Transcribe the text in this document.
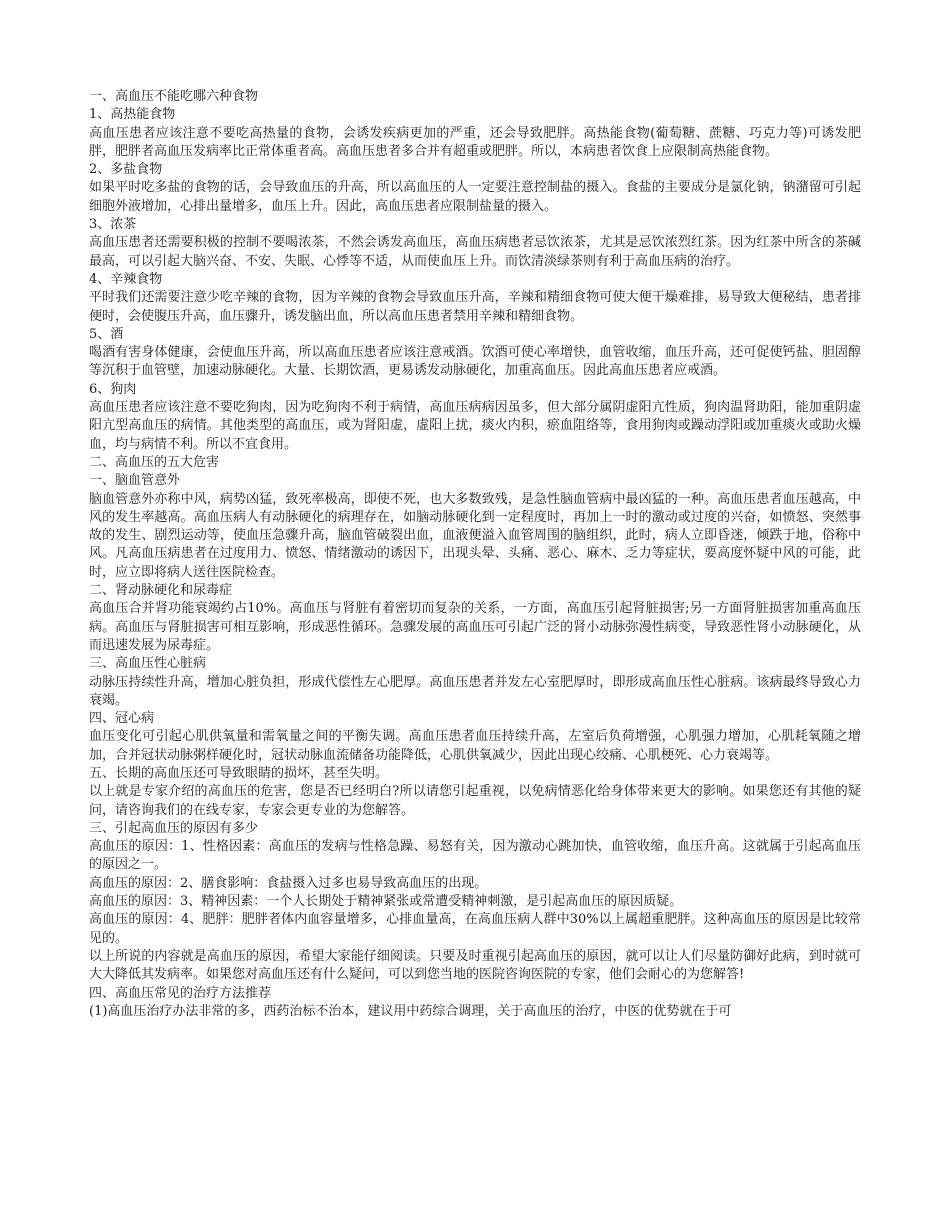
一、高血压不能吃哪六种食物

1、高热能食物

高血压患者应该注意不要吃高热量的食物，会诱发疾病更加的严重，还会导致肥胖。高热能食物(葡萄糖、蔗糖、巧克力等)可诱发肥胖，肥胖者高血压发病率比正常体重者高。高血压患者多合并有超重或肥胖。所以，本病患者饮食上应限制高热能食物。

2、多盐食物

如果平时吃多盐的食物的话，会导致血压的升高，所以高血压的人一定要注意控制盐的摄入。食盐的主要成分是氯化钠，钠潴留可引起细胞外液增加，心排出量增多，血压上升。因此，高血压患者应限制盐量的摄入。

3、浓茶

高血压患者还需要积极的控制不要喝浓茶，不然会诱发高血压，高血压病患者忌饮浓茶，尤其是忌饮浓烈红茶。因为红茶中所含的茶碱最高，可以引起大脑兴奋、不安、失眠、心悸等不适，从而使血压上升。而饮清淡绿茶则有利于高血压病的治疗。

4、辛辣食物

平时我们还需要注意少吃辛辣的食物，因为辛辣的食物会导致血压升高，辛辣和精细食物可使大便干燥难排，易导致大便秘结，患者排便时，会使腹压升高，血压骤升，诱发脑出血，所以高血压患者禁用辛辣和精细食物。

5、酒

喝酒有害身体健康，会使血压升高，所以高血压患者应该注意戒酒。饮酒可使心率增快，血管收缩，血压升高，还可促使钙盐、胆固醇等沉积于血管壁，加速动脉硬化。大量、长期饮酒，更易诱发动脉硬化，加重高血压。因此高血压患者应戒酒。

6、狗肉

高血压患者应该注意不要吃狗肉，因为吃狗肉不利于病情，高血压病病因虽多，但大部分属阴虚阳亢性质，狗肉温肾助阳，能加重阴虚阳亢型高血压的病情。其他类型的高血压，或为肾阳虚，虚阳上扰，痰火内积，瘀血阻络等，食用狗肉或躁动浮阳或加重痰火或助火燥血，均与病情不利。所以不宜食用。

二、高血压的五大危害

一、脑血管意外

脑血管意外亦称中风，病势凶猛，致死率极高，即使不死，也大多数致残，是急性脑血管病中最凶猛的一种。高血压患者血压越高，中风的发生率越高。高血压病人有动脉硬化的病理存在，如脑动脉硬化到一定程度时，再加上一时的激动或过度的兴奋，如愤怒、突然事故的发生、剧烈运动等，使血压急骤升高，脑血管破裂出血，血液便溢入血管周围的脑组织，此时，病人立即昏迷，倾跌于地，俗称中风。凡高血压病患者在过度用力、愤怒、情绪激动的诱因下，出现头晕、头痛、恶心、麻木、乏力等症状，要高度怀疑中风的可能，此时，应立即将病人送往医院检查。

二、肾动脉硬化和尿毒症

高血压合并肾功能衰竭约占10%。高血压与肾脏有着密切而复杂的关系，一方面，高血压引起肾脏损害;另一方面肾脏损害加重高血压病。高血压与肾脏损害可相互影响，形成恶性循环。急骤发展的高血压可引起广泛的肾小动脉弥漫性病变，导致恶性肾小动脉硬化，从而迅速发展为尿毒症。

三、高血压性心脏病

动脉压持续性升高，增加心脏负担，形成代偿性左心肥厚。高血压患者并发左心室肥厚时，即形成高血压性心脏病。该病最终导致心力衰竭。

四、冠心病

血压变化可引起心肌供氧量和需氧量之间的平衡失调。高血压患者血压持续升高，左室后负荷增强，心肌强力增加，心肌耗氧随之增加，合并冠状动脉粥样硬化时，冠状动脉血流储备功能降低，心肌供氧减少，因此出现心绞痛、心肌梗死、心力衰竭等。

五、长期的高血压还可导致眼睛的损坏，甚至失明。

以上就是专家介绍的高血压的危害，您是否已经明白?所以请您引起重视，以免病情恶化给身体带来更大的影响。如果您还有其他的疑问，请咨询我们的在线专家，专家会更专业的为您解答。

三、引起高血压的原因有多少

高血压的原因：1、性格因素：高血压的发病与性格急躁、易怒有关，因为激动心跳加快，血管收缩，血压升高。这就属于引起高血压的原因之一。

高血压的原因：2、膳食影响：食盐摄入过多也易导致高血压的出现。

高血压的原因：3、精神因素：一个人长期处于精神紧张或常遭受精神刺激，是引起高血压的原因质疑。

高血压的原因：4、肥胖：肥胖者体内血容量增多，心排血量高，在高血压病人群中30%以上属超重肥胖。这种高血压的原因是比较常见的。

以上所说的内容就是高血压的原因，希望大家能仔细阅读。只要及时重视引起高血压的原因，就可以让人们尽量防御好此病，到时就可大大降低其发病率。如果您对高血压还有什么疑问，可以到您当地的医院咨询医院的专家，他们会耐心的为您解答!

四、高血压常见的治疗方法推荐

(1)高血压治疗办法非常的多，西药治标不治本，建议用中药综合调理，关于高血压的治疗，中医的优势就在于可
